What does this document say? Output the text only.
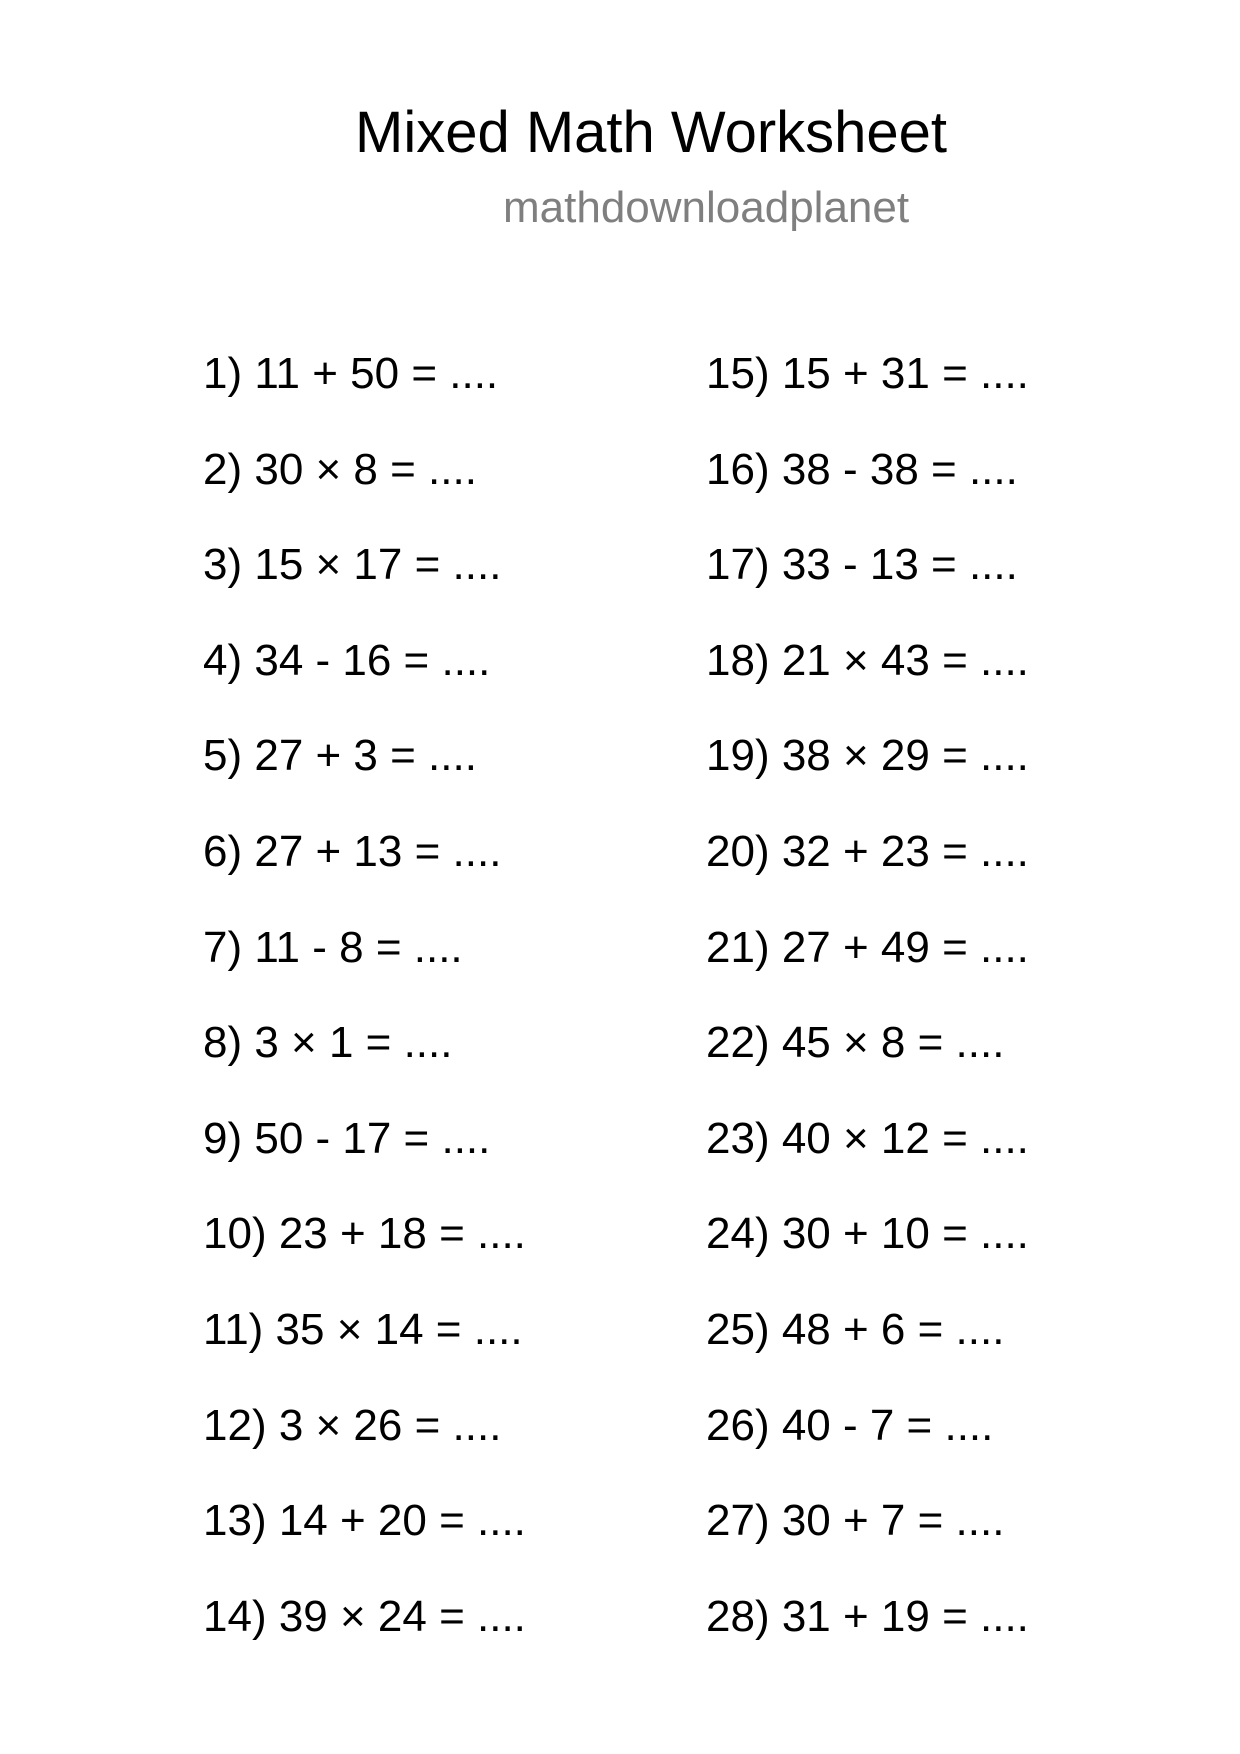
Mixed Math Worksheet
mathdownloadplanet
1) 11 + 50 = ....
2) 30 × 8 = ....
3) 15 × 17 = ....
4) 34 - 16 = ....
5) 27 + 3 = ....
6) 27 + 13 = ....
7) 11 - 8 = ....
8) 3 × 1 = ....
9) 50 - 17 = ....
10) 23 + 18 = ....
11) 35 × 14 = ....
12) 3 × 26 = ....
13) 14 + 20 = ....
14) 39 × 24 = ....
15) 15 + 31 = ....
16) 38 - 38 = ....
17) 33 - 13 = ....
18) 21 × 43 = ....
19) 38 × 29 = ....
20) 32 + 23 = ....
21) 27 + 49 = ....
22) 45 × 8 = ....
23) 40 × 12 = ....
24) 30 + 10 = ....
25) 48 + 6 = ....
26) 40 - 7 = ....
27) 30 + 7 = ....
28) 31 + 19 = ....
